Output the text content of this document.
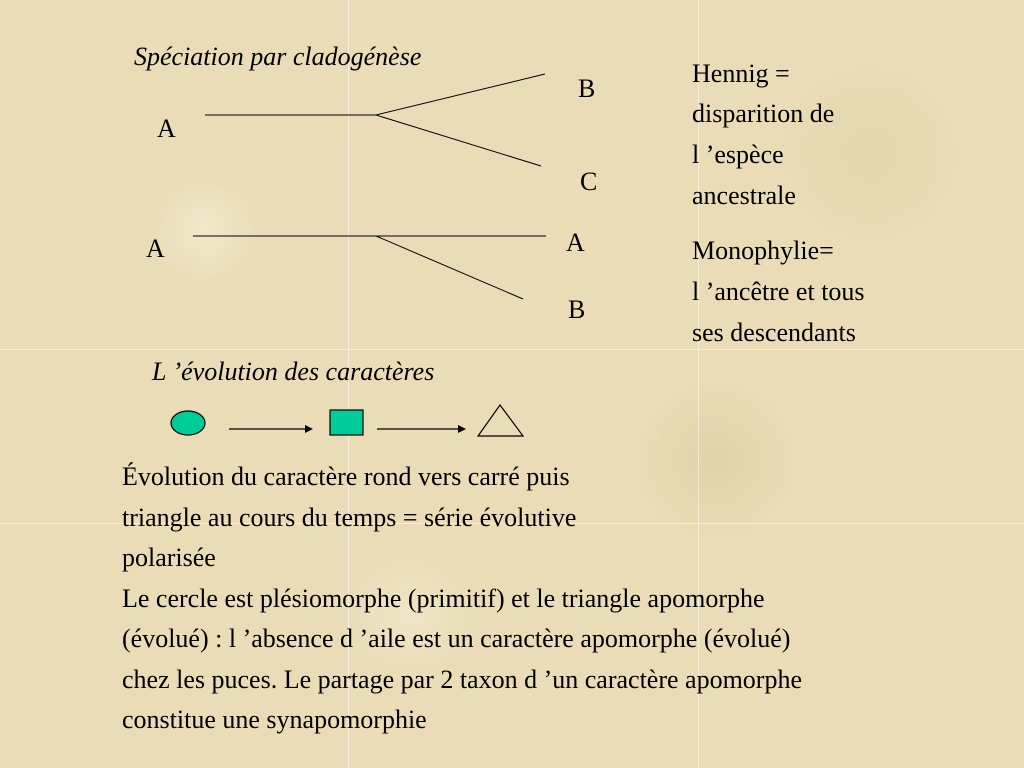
Spéciation par cladogénèse
A
B
C
A	A
B
Hennig =
disparition de
l ’espèce
ancestrale
Monophylie=
l ’ancêtre et tous
ses descendants
L ’évolution des caractères
Évolution du caractère rond vers carré puis
triangle au cours du temps = série évolutive
polarisée
Le cercle est plésiomorphe (primitif) et le triangle apomorphe
(évolué) : l ’absence d ’aile est un caractère apomorphe (évolué)
chez les puces. Le partage par 2 taxon d ’un caractère apomorphe
constitue une synapomorphie
